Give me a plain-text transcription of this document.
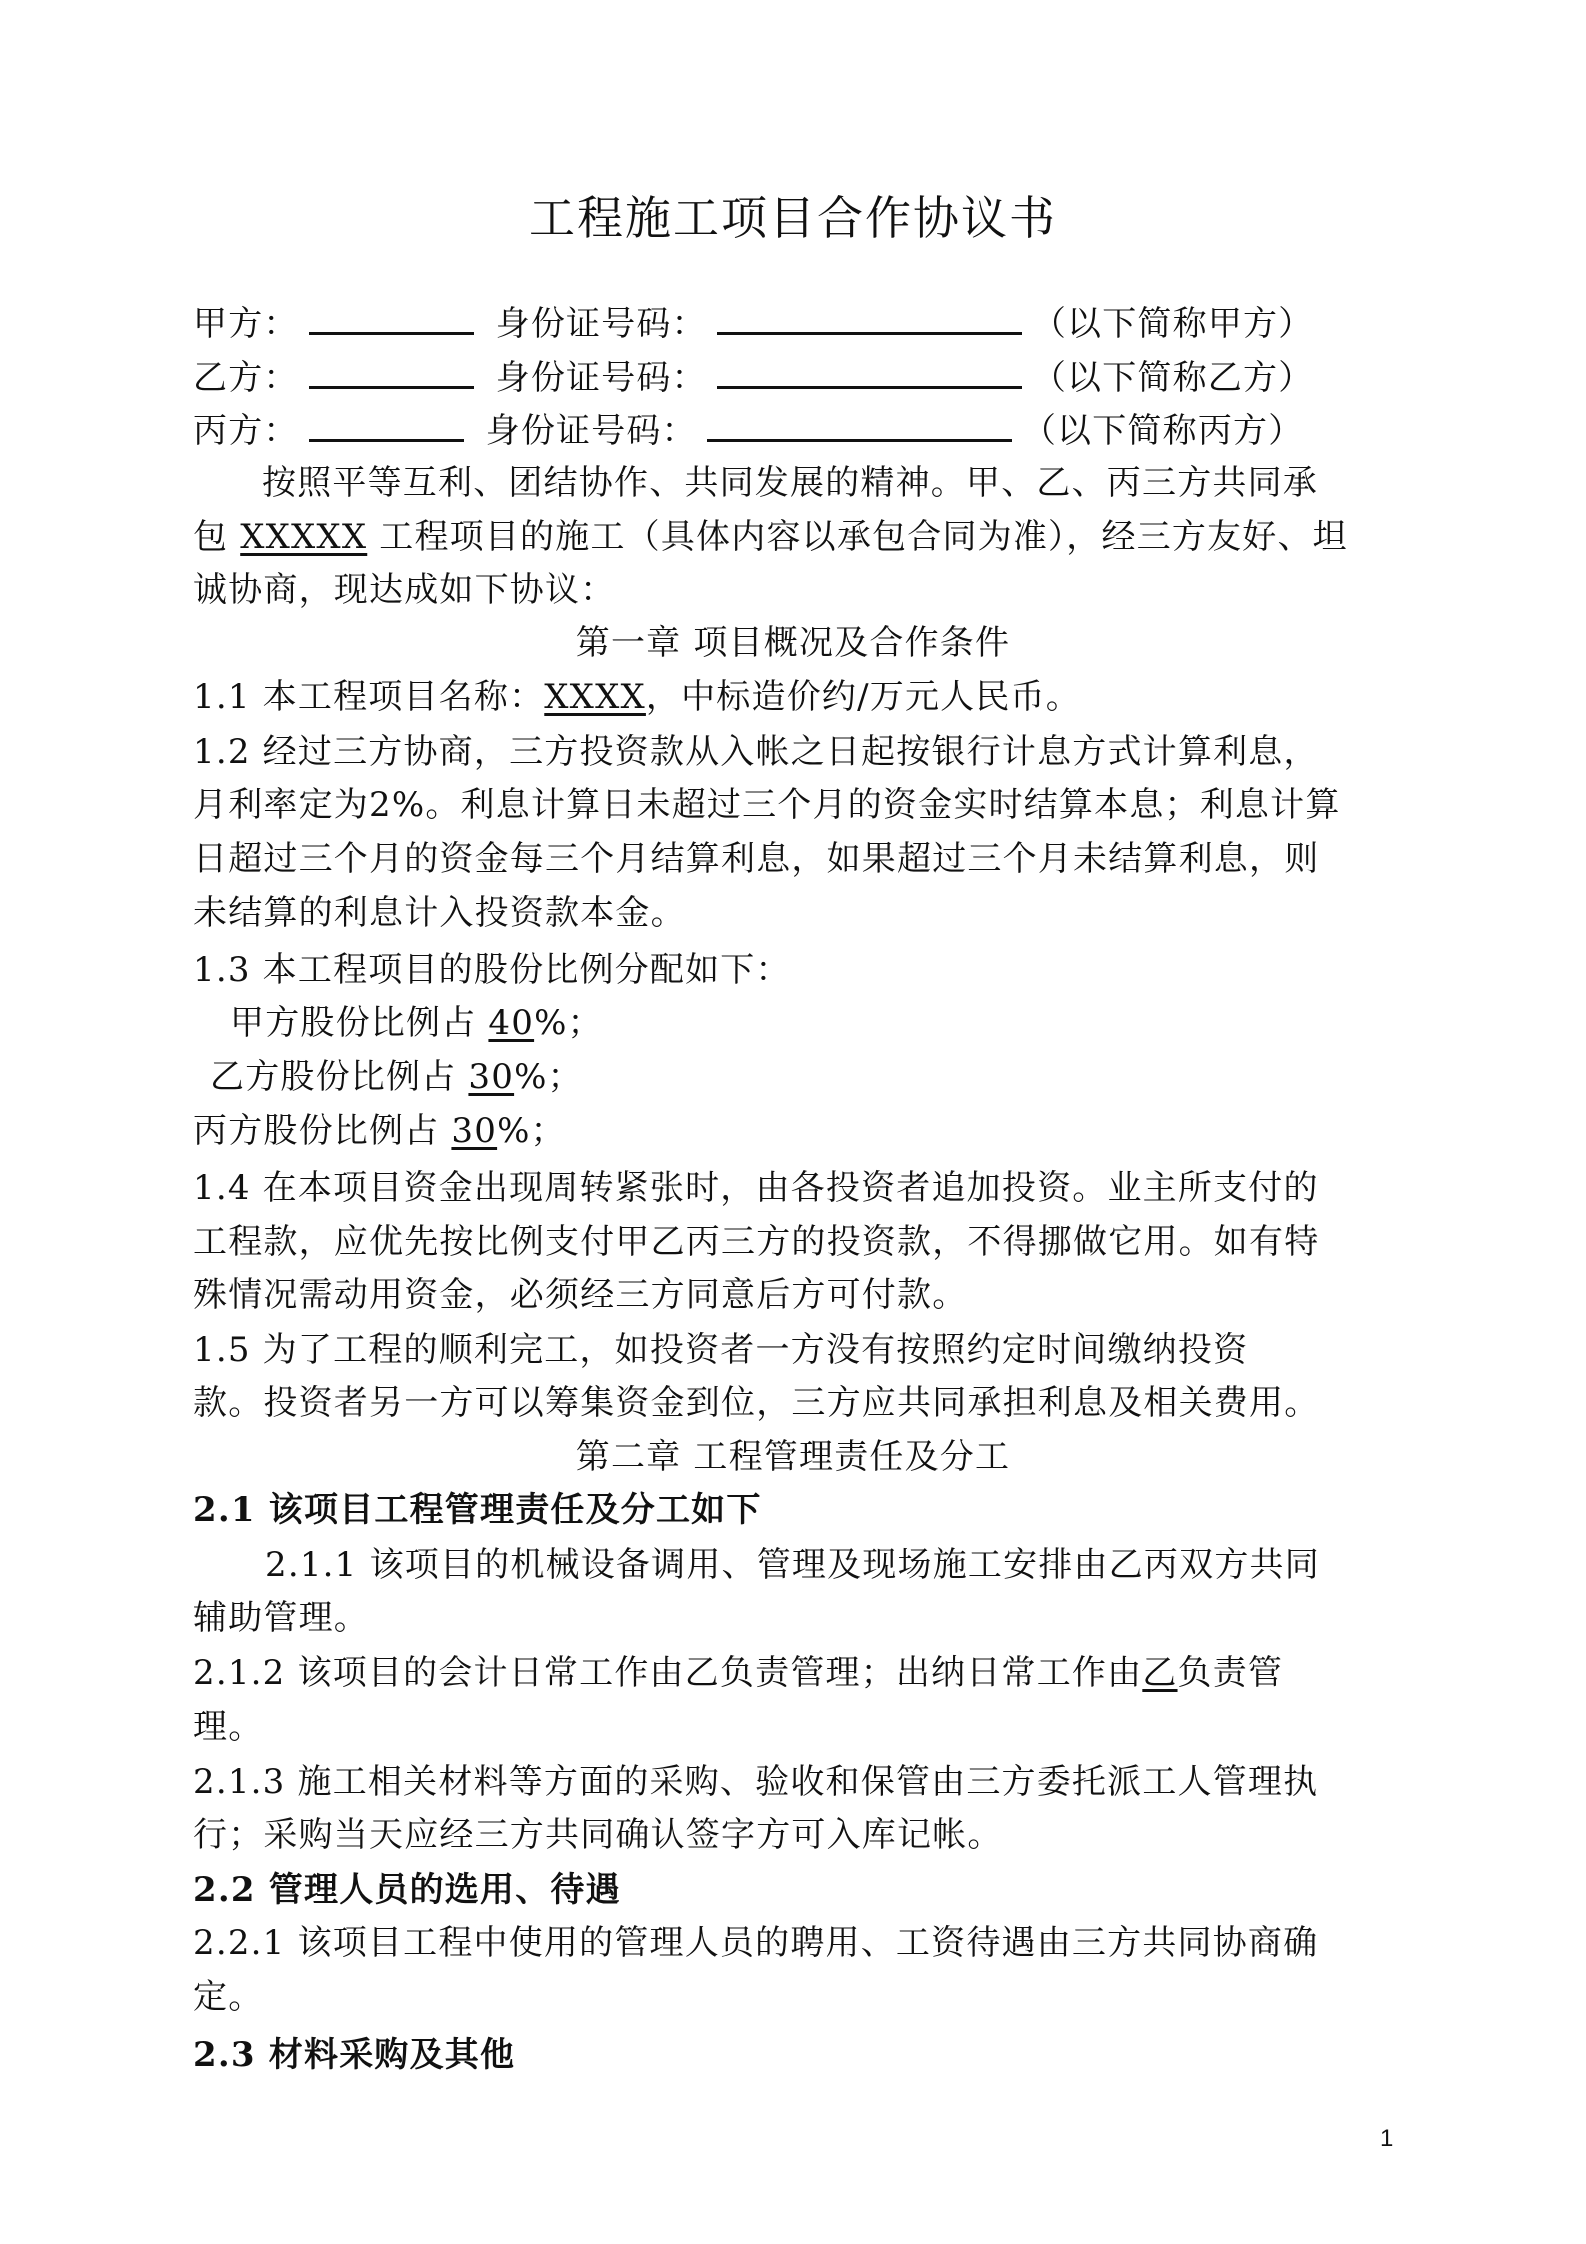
工程施工项目合作协议书
甲方：	身份证号码：	（以下简称甲方）
乙方：	身份证号码：	（以下简称乙方）
丙方：	身份证号码：	（以下简称丙方）
按照平等互利、团结协作、共同发展的精神。甲、乙、丙三方共同承
包 XXXXX 工程项目的施工（具体内容以承包合同为准），经三方友好、坦
诚协商，现达成如下协议：
第一章 项目概况及合作条件
1.1 本工程项目名称：XXXX，中标造价约/万元人民币。
1.2 经过三方协商，三方投资款从入帐之日起按银行计息方式计算利息，
月利率定为2%。利息计算日未超过三个月的资金实时结算本息；利息计算
日超过三个月的资金每三个月结算利息，如果超过三个月未结算利息，则
未结算的利息计入投资款本金。
1.3 本工程项目的股份比例分配如下：
甲方股份比例占 40%；
乙方股份比例占 30%；
丙方股份比例占 30%；
1.4 在本项目资金出现周转紧张时，由各投资者追加投资。业主所支付的
工程款，应优先按比例支付甲乙丙三方的投资款，不得挪做它用。如有特
殊情况需动用资金，必须经三方同意后方可付款。
1.5 为了工程的顺利完工，如投资者一方没有按照约定时间缴纳投资
款。投资者另一方可以筹集资金到位，三方应共同承担利息及相关费用。
第二章 工程管理责任及分工
2.1 该项目工程管理责任及分工如下
2.1.1 该项目的机械设备调用、管理及现场施工安排由乙丙双方共同
辅助管理。
2.1.2 该项目的会计日常工作由乙负责管理；出纳日常工作由乙负责管
理。
2.1.3 施工相关材料等方面的采购、验收和保管由三方委托派工人管理执
行；采购当天应经三方共同确认签字方可入库记帐。
2.2 管理人员的选用、待遇
2.2.1 该项目工程中使用的管理人员的聘用、工资待遇由三方共同协商确
定。
2.3 材料采购及其他
1
